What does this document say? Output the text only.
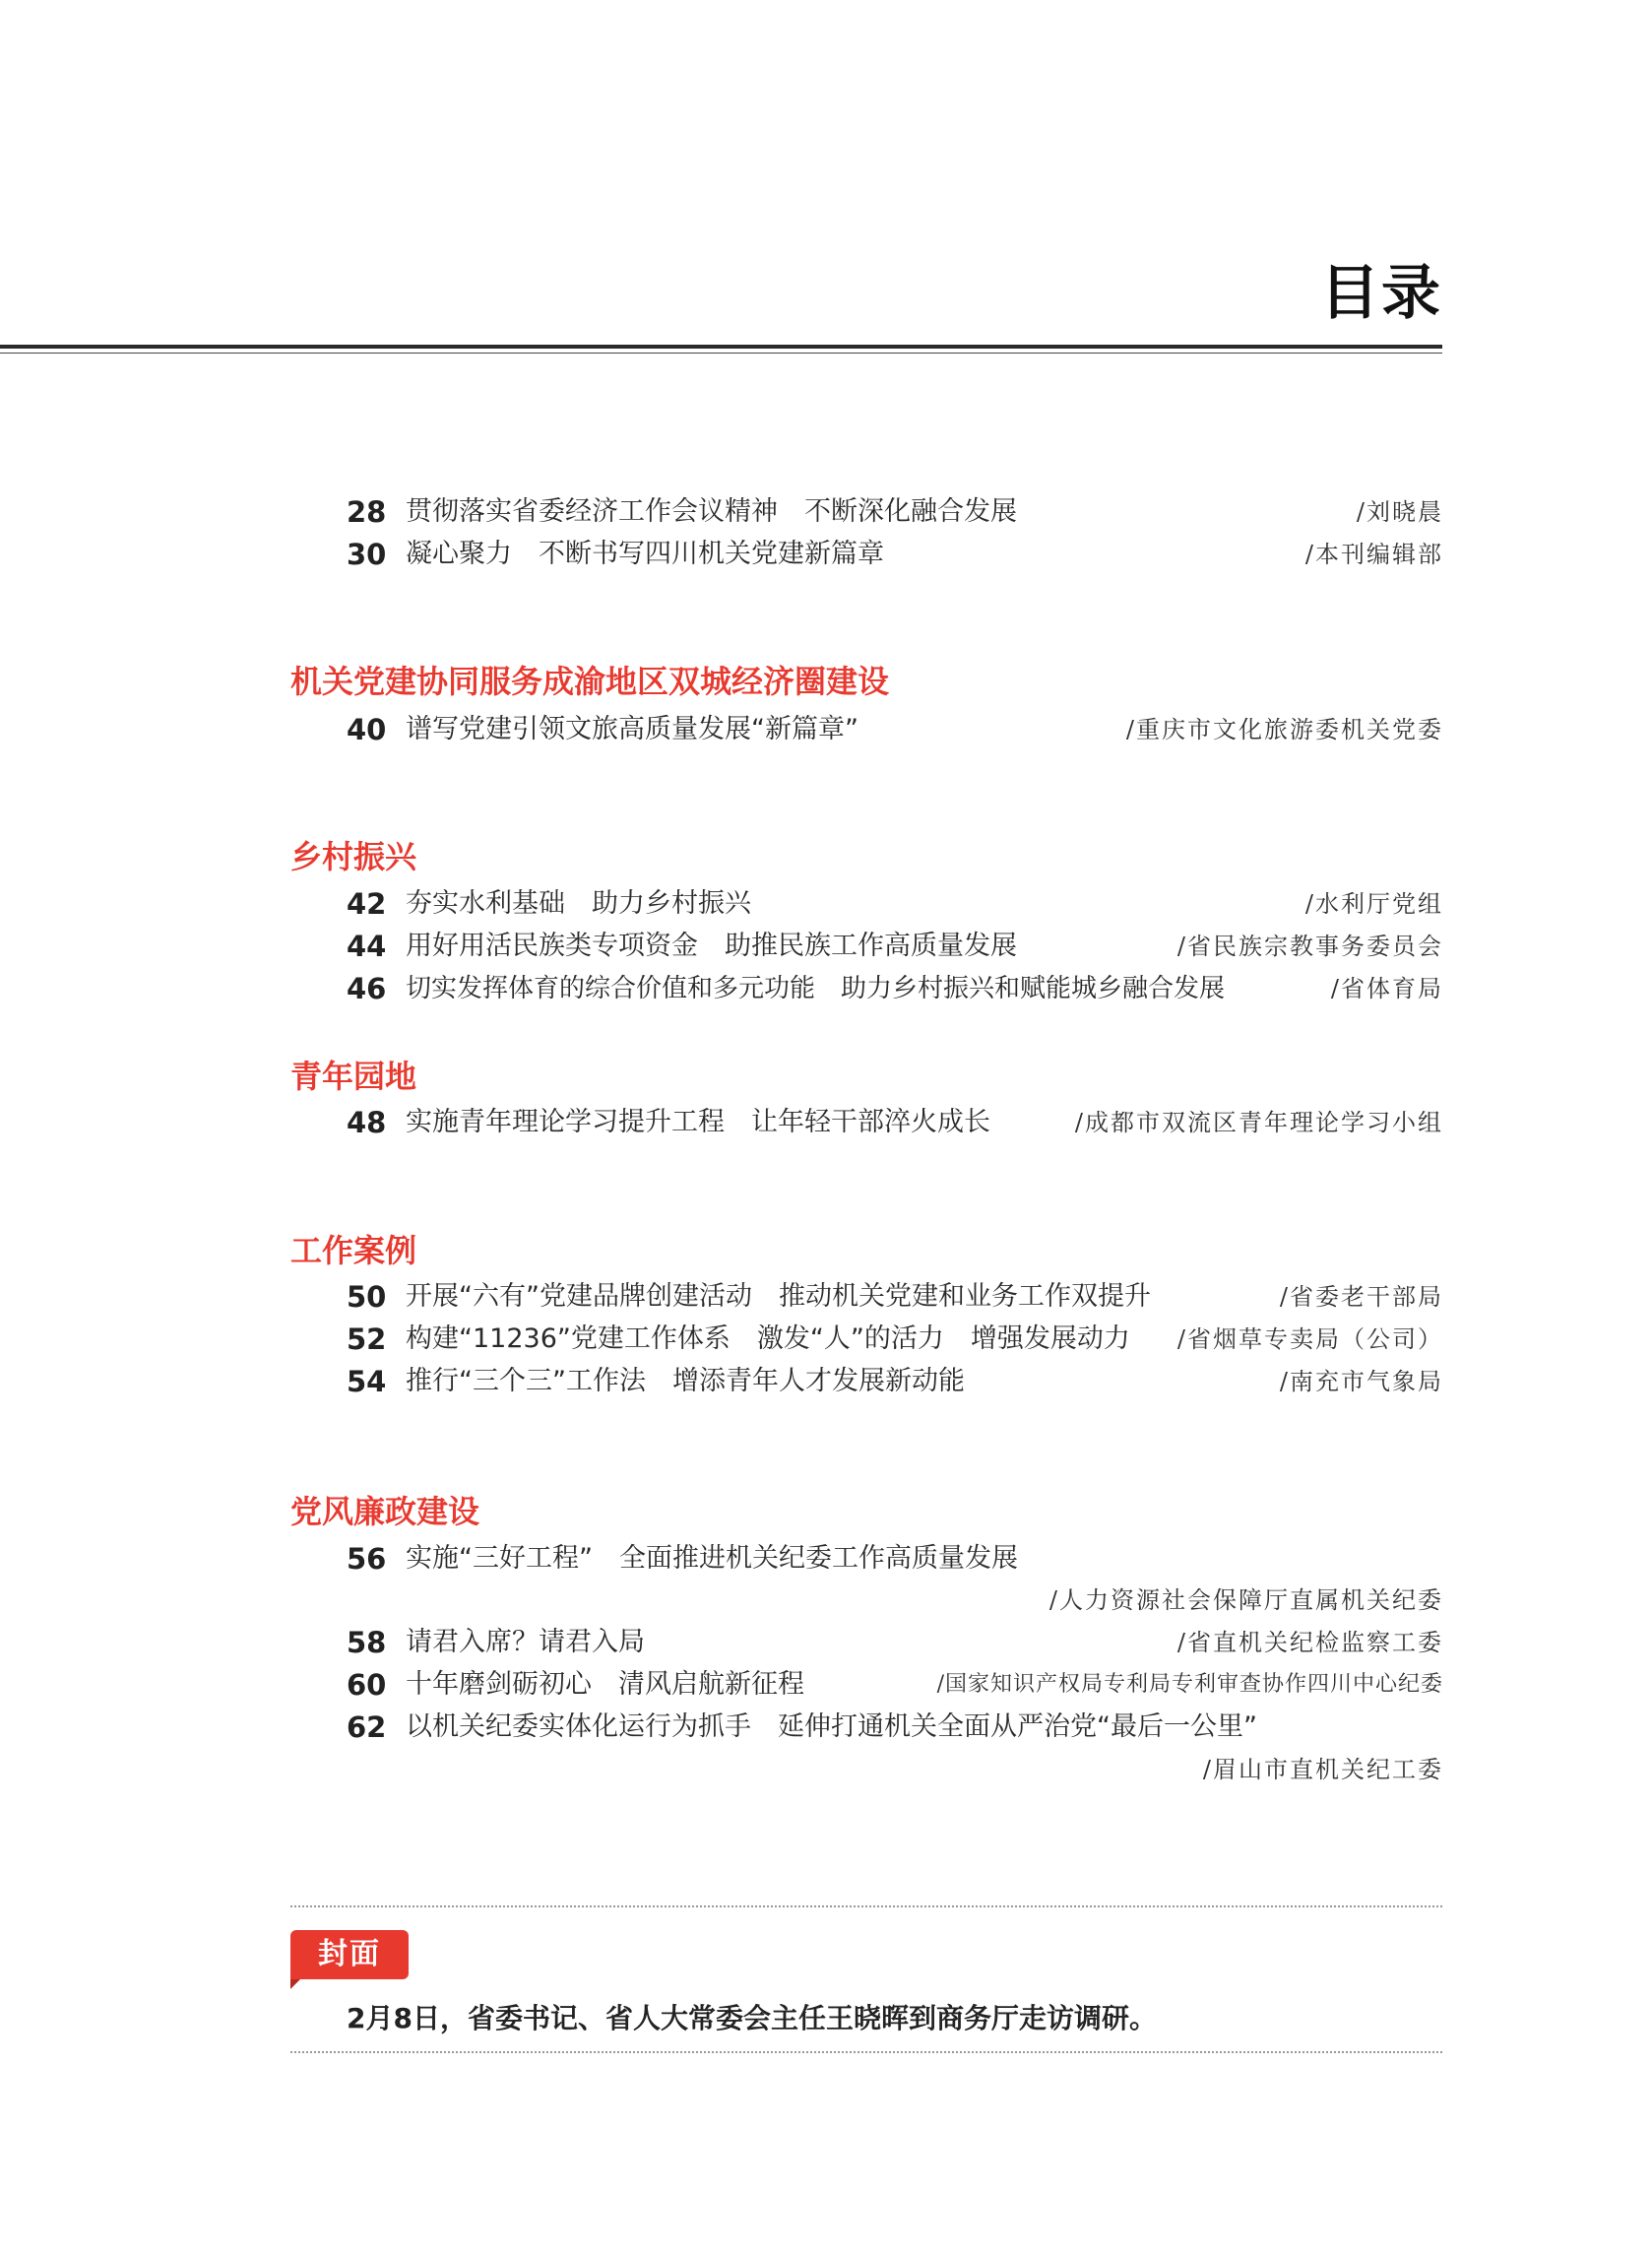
目录
28 贯彻落实省委经济工作会议精神　不断深化融合发展	/刘晓晨
30 凝心聚力　不断书写四川机关党建新篇章	/本刊编辑部
机关党建协同服务成渝地区双城经济圈建设
40 谱写党建引领文旅高质量发展“新篇章”	/重庆市文化旅游委机关党委
乡村振兴
42 夯实水利基础　助力乡村振兴	/水利厅党组
44 用好用活民族类专项资金　助推民族工作高质量发展	/省民族宗教事务委员会
46 切实发挥体育的综合价值和多元功能　助力乡村振兴和赋能城乡融合发展	/省体育局
青年园地
48 实施青年理论学习提升工程　让年轻干部淬火成长	/成都市双流区青年理论学习小组
工作案例
50 开展“六有”党建品牌创建活动　推动机关党建和业务工作双提升	/省委老干部局
52 构建“11236”党建工作体系　激发“人”的活力　增强发展动力 /省烟草专卖局（公司）
54 推行“三个三”工作法　增添青年人才发展新动能	/南充市气象局
党风廉政建设
56 实施“三好工程”　全面推进机关纪委工作高质量发展
/人力资源社会保障厅直属机关纪委
58 请君入席？请君入局	/省直机关纪检监察工委
60 十年磨剑砺初心　清风启航新征程	/国家知识产权局专利局专利审查协作四川中心纪委
62 以机关纪委实体化运行为抓手　延伸打通机关全面从严治党“最后一公里”
/眉山市直机关纪工委
封面
2月8日，省委书记、省人大常委会主任王晓晖到商务厅走访调研。
